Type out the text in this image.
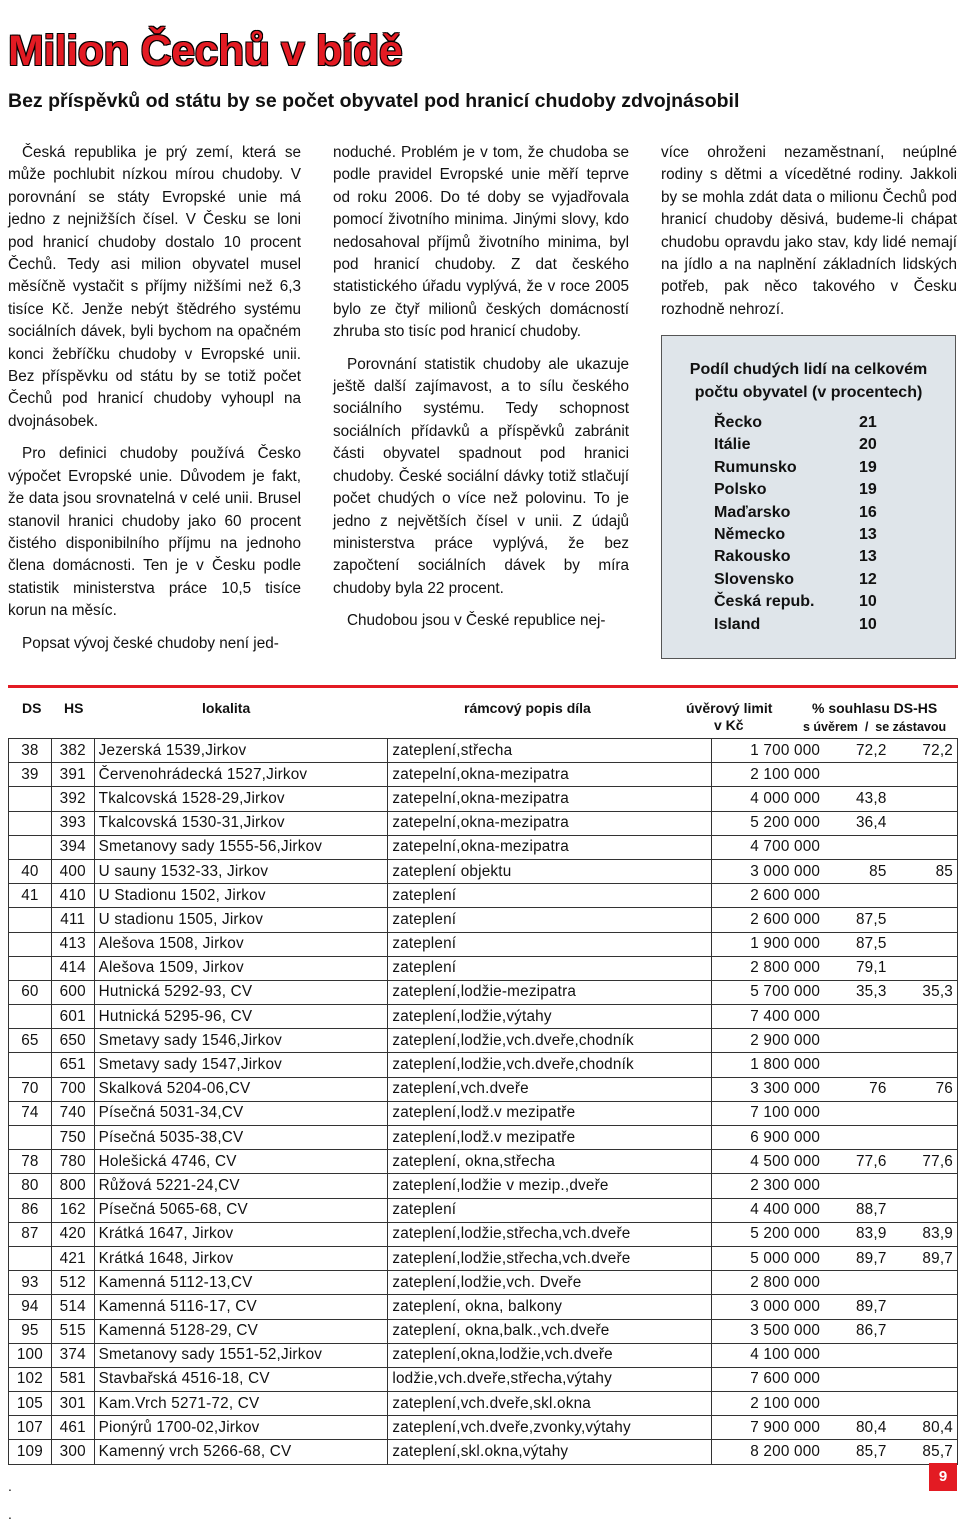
Milion Čechů v bídě
Bez příspěvků od státu by se počet obyvatel pod hranicí chudoby zdvojnásobil

Česká republika je prý zemí, která se může pochlubit nízkou mírou chudoby. V porovnání se státy Evropské unie má jedno z nejnižších čísel. V Česku se loni pod hranicí chudoby dostalo 10 procent Čechů. Tedy asi milion obyvatel musel měsíčně vystačit s příjmy nižšími než 6,3 tisíce Kč. Jenže nebýt štědrého systému sociálních dávek, byli bychom na opačném konci žebříčku chudoby v Evropské unii. Bez příspěvku od státu by se totiž počet Čechů pod hranicí chudoby vyhoupl na dvojnásobek.

Pro definici chudoby používá Česko výpočet Evropské unie. Důvodem je fakt, že data jsou srovnatelná v celé unii. Brusel stanovil hranici chudoby jako 60 procent čistého disponibilního příjmu na jednoho člena domácnosti. Ten je v Česku podle statistik ministerstva práce 10,5 tisíce korun na měsíc.

Popsat vývoj české chudoby není jed-

noduché. Problém je v tom, že chudoba se podle pravidel Evropské unie měří teprve od roku 2006. Do té doby se vyjadřovala pomocí životního minima. Jinými slovy, kdo nedosahoval příjmů životního minima, byl pod hranicí chudoby. Z dat českého statistického úřadu vyplývá, že v roce 2005 bylo ze čtyř milionů českých domácností zhruba sto tisíc pod hranicí chudoby.

Porovnání statistik chudoby ale ukazuje ještě další zajímavost, a to sílu českého sociálního systému. Tedy schopnost sociálních přídavků a příspěvků zabránit části obyvatel spadnout pod hranici chudoby. České sociální dávky totiž stlačují počet chudých o více než polovinu. To je jedno z největších čísel v unii. Z údajů ministerstva práce vyplývá, že bez započtení sociálních dávek by míra chudoby byla 22 procent.

Chudobou jsou v České republice nej-

více ohroženi nezaměstnaní, neúplné rodiny s dětmi a vícedětné rodiny. Jakkoli by se mohla zdát data o milionu Čechů pod hranicí chudoby děsivá, budeme-li chápat chudobu opravdu jako stav, kdy lidé nemají na jídlo a na naplnění základních lidských potřeb, pak něco takového v Česku rozhodně nehrozí.

Podíl chudých lidí na celkovém počtu obyvatel (v procentech)
Řecko	21
Itálie	20
Rumunsko	19
Polsko	19
Maďarsko	16
Německo	13
Rakousko	13
Slovensko	12
Česká repub.	10
Island	10
DS HS	lokalita	rámcový popis díla	úvěrový limit
v Kč
% souhlasu DS-HS
s úvěrem  /  se zástavou
38	382	Jezerská 1539,Jirkov	zateplení,střecha	1 700 000	72,2	72,2
39	391	Červenohrádecká 1527,Jirkov	zatepelní,okna-mezipatra	2 100 000		
	392	Tkalcovská 1528-29,Jirkov	zatepelní,okna-mezipatra	4 000 000	43,8	
	393	Tkalcovská 1530-31,Jirkov	zatepelní,okna-mezipatra	5 200 000	36,4	
	394	Smetanovy sady 1555-56,Jirkov	zatepelní,okna-mezipatra	4 700 000		
40	400	U sauny 1532-33, Jirkov	zateplení objektu	3 000 000	85	85
41	410	U Stadionu 1502, Jirkov	zateplení	2 600 000		
	411	U stadionu 1505, Jirkov	zateplení	2 600 000	87,5	
	413	Alešova 1508, Jirkov	zateplení	1 900 000	87,5	
	414	Alešova 1509, Jirkov	zateplení	2 800 000	79,1	
60	600	Hutnická 5292-93, CV	zateplení,lodžie-mezipatra	5 700 000	35,3	35,3
	601	Hutnická 5295-96, CV	zateplení,lodžie,výtahy	7 400 000		
65	650	Smetavy sady 1546,Jirkov	zateplení,lodžie,vch.dveře,chodník	2 900 000		
	651	Smetavy sady 1547,Jirkov	zateplení,lodžie,vch.dveře,chodník	1 800 000		
70	700	Skalková 5204-06,CV	zateplení,vch.dveře	3 300 000	76	76
74	740	Písečná 5031-34,CV	zateplení,lodž.v mezipatře	7 100 000		
	750	Písečná 5035-38,CV	zateplení,lodž.v mezipatře	6 900 000		
78	780	Holešická 4746, CV	zateplení, okna,střecha	4 500 000	77,6	77,6
80	800	Růžová 5221-24,CV	zateplení,lodžie v mezip.,dveře	2 300 000		
86	162	Písečná 5065-68, CV	zateplení	4 400 000	88,7	
87	420	Krátká 1647, Jirkov	zateplení,lodžie,střecha,vch.dveře	5 200 000	83,9	83,9
	421	Krátká 1648, Jirkov	zateplení,lodžie,střecha,vch.dveře	5 000 000	89,7	89,7
93	512	Kamenná 5112-13,CV	zateplení,lodžie,vch. Dveře	2 800 000		
94	514	Kamenná 5116-17, CV	zateplení, okna, balkony	3 000 000	89,7	
95	515	Kamenná 5128-29, CV	zateplení, okna,balk.,vch.dveře	3 500 000	86,7	
100	374	Smetanovy sady 1551-52,Jirkov	zateplení,okna,lodžie,vch.dveře	4 100 000		
102	581	Stavbařská 4516-18, CV	lodžie,vch.dveře,střecha,výtahy	7 600 000		
105	301	Kam.Vrch 5271-72, CV	zateplení,vch.dveře,skl.okna	2 100 000		
107	461	Pionýrů 1700-02,Jirkov	zateplení,vch.dveře,zvonky,výtahy	7 900 000	80,4	80,4
109	300	Kamenný vrch 5266-68, CV	zateplení,skl.okna,výtahy	8 200 000	85,7	85,7
.
.
9
